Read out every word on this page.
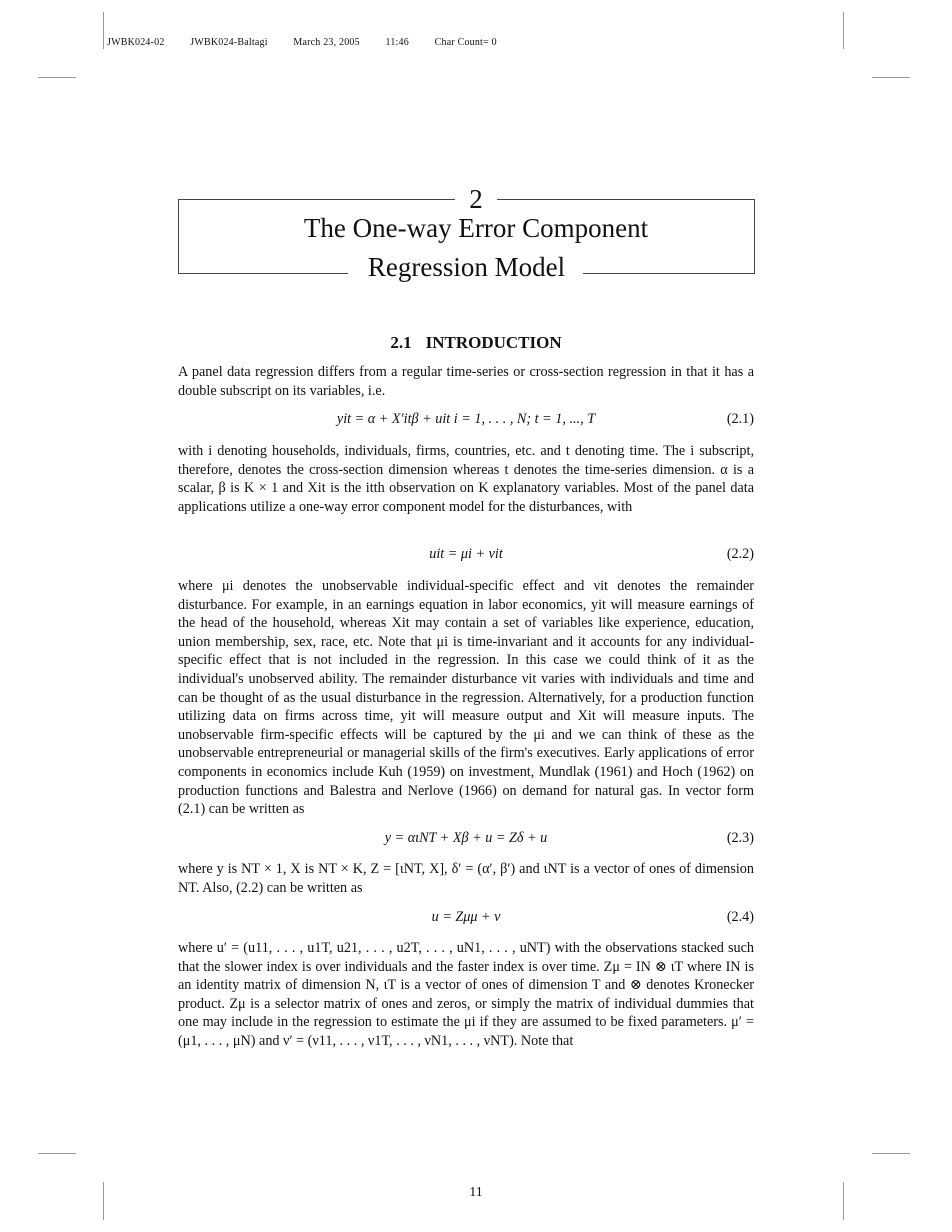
JWBK024-02	JWBK024-Baltagi	March 23, 2005	11:46	Char Count= 0
2
The One-way Error Component
Regression Model
2.1 INTRODUCTION
A panel data regression differs from a regular time-series or cross-section regression in that it has a double subscript on its variables, i.e.
yit = α + X′itβ + uit i = 1, . . . , N; t = 1, ..., T	(2.1)
with i denoting households, individuals, firms, countries, etc. and t denoting time. The i subscript, therefore, denotes the cross-section dimension whereas t denotes the time-series dimension. α is a scalar, β is K × 1 and Xit is the itth observation on K explanatory variables. Most of the panel data applications utilize a one-way error component model for the disturbances, with
uit = μi + νit	(2.2)
where μi denotes the unobservable individual-specific effect and νit denotes the remainder disturbance. For example, in an earnings equation in labor economics, yit will measure earnings of the head of the household, whereas Xit may contain a set of variables like experience, education, union membership, sex, race, etc. Note that μi is time-invariant and it accounts for any individual-specific effect that is not included in the regression. In this case we could think of it as the individual's unobserved ability. The remainder disturbance νit varies with individuals and time and can be thought of as the usual disturbance in the regression. Alternatively, for a production function utilizing data on firms across time, yit will measure output and Xit will measure inputs. The unobservable firm-specific effects will be captured by the μi and we can think of these as the unobservable entrepreneurial or managerial skills of the firm's executives. Early applications of error components in economics include Kuh (1959) on investment, Mundlak (1961) and Hoch (1962) on production functions and Balestra and Nerlove (1966) on demand for natural gas. In vector form (2.1) can be written as
y = αιNT + Xβ + u = Zδ + u	(2.3)
where y is NT × 1, X is NT × K, Z = [ιNT, X], δ′ = (α′, β′) and ιNT is a vector of ones of dimension NT. Also, (2.2) can be written as
u = Zμμ + ν	(2.4)
where u′ = (u11, . . . , u1T, u21, . . . , u2T, . . . , uN1, . . . , uNT) with the observations stacked such that the slower index is over individuals and the faster index is over time. Zμ = IN ⊗ ιT where IN is an identity matrix of dimension N, ιT is a vector of ones of dimension T and ⊗ denotes Kronecker product. Zμ is a selector matrix of ones and zeros, or simply the matrix of individual dummies that one may include in the regression to estimate the μi if they are assumed to be fixed parameters. μ′ = (μ1, . . . , μN) and ν′ = (ν11, . . . , ν1T, . . . , νN1, . . . , νNT). Note that
11
